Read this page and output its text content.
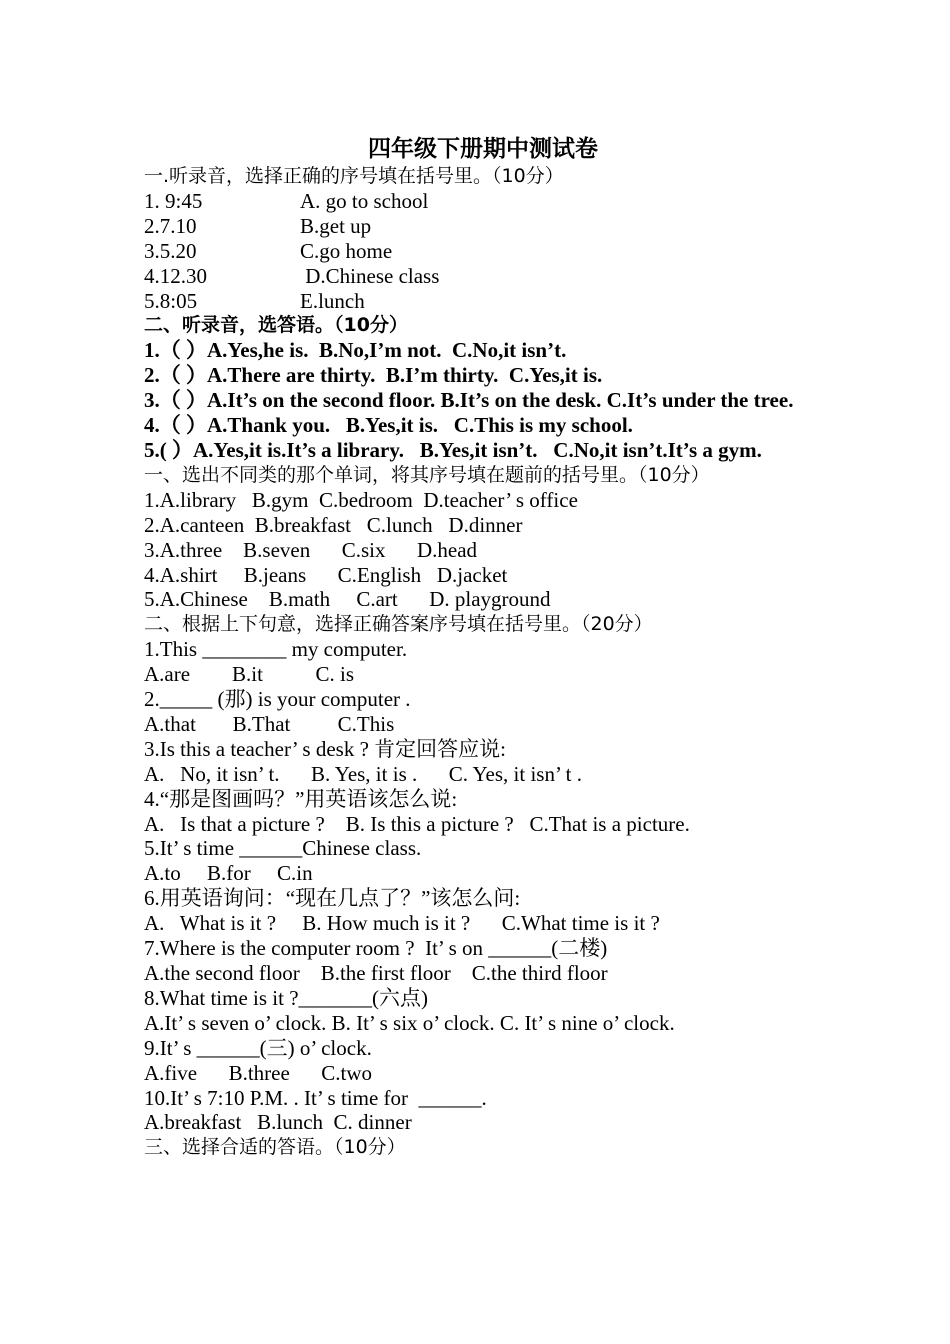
四年级下册期中测试卷
一.听录音，选择正确的序号填在括号里。（10分）
1. 9:45	A. go to school
2.7.10	B.get up
3.5.20	C.go home
4.12.30	D.Chinese class
5.8:05	E.lunch
二、听录音，选答语。（10分）
1.（ ）A.Yes,he is.  B.No,I’m not.  C.No,it isn’t.
2.（ ）A.There are thirty.  B.I’m thirty.  C.Yes,it is.
3.（ ）A.It’s on the second floor. B.It’s on the desk. C.It’s under the tree.
4.（ ）A.Thank you.   B.Yes,it is.   C.This is my school.
5.( ）A.Yes,it is.It’s a library.   B.Yes,it isn’t.   C.No,it isn’t.It’s a gym.
一、选出不同类的那个单词，将其序号填在题前的括号里。（10分）
1.A.library   B.gym  C.bedroom  D.teacher’ s office
2.A.canteen  B.breakfast   C.lunch   D.dinner
3.A.three    B.seven      C.six      D.head
4.A.shirt     B.jeans      C.English   D.jacket
5.A.Chinese    B.math     C.art      D. playground
二、根据上下句意，选择正确答案序号填在括号里。（20分）
1.This ________ my computer.
A.are        B.it          C. is
2._____ (那) is your computer .
A.that       B.That         C.This
3.Is this a teacher’ s desk ? 肯定回答应说:
A.   No, it isn’ t.      B. Yes, it is .      C. Yes, it isn’ t .
4.“那是图画吗？”用英语该怎么说:
A.   Is that a picture ?    B. Is this a picture ?   C.That is a picture.
5.It’ s time ______Chinese class.
A.to     B.for     C.in
6.用英语询问：“现在几点了？”该怎么问:
A.   What is it ?     B. How much is it ?      C.What time is it ?
7.Where is the computer room ?  It’ s on ______(二楼)
A.the second floor    B.the first floor    C.the third floor
8.What time is it ?_______(六点)
A.It’ s seven o’ clock. B. It’ s six o’ clock. C. It’ s nine o’ clock.
9.It’ s ______(三) o’ clock.
A.five      B.three      C.two
10.It’ s 7:10 P.M. . It’ s time for  ______.
A.breakfast   B.lunch  C. dinner
三、选择合适的答语。（10分）
